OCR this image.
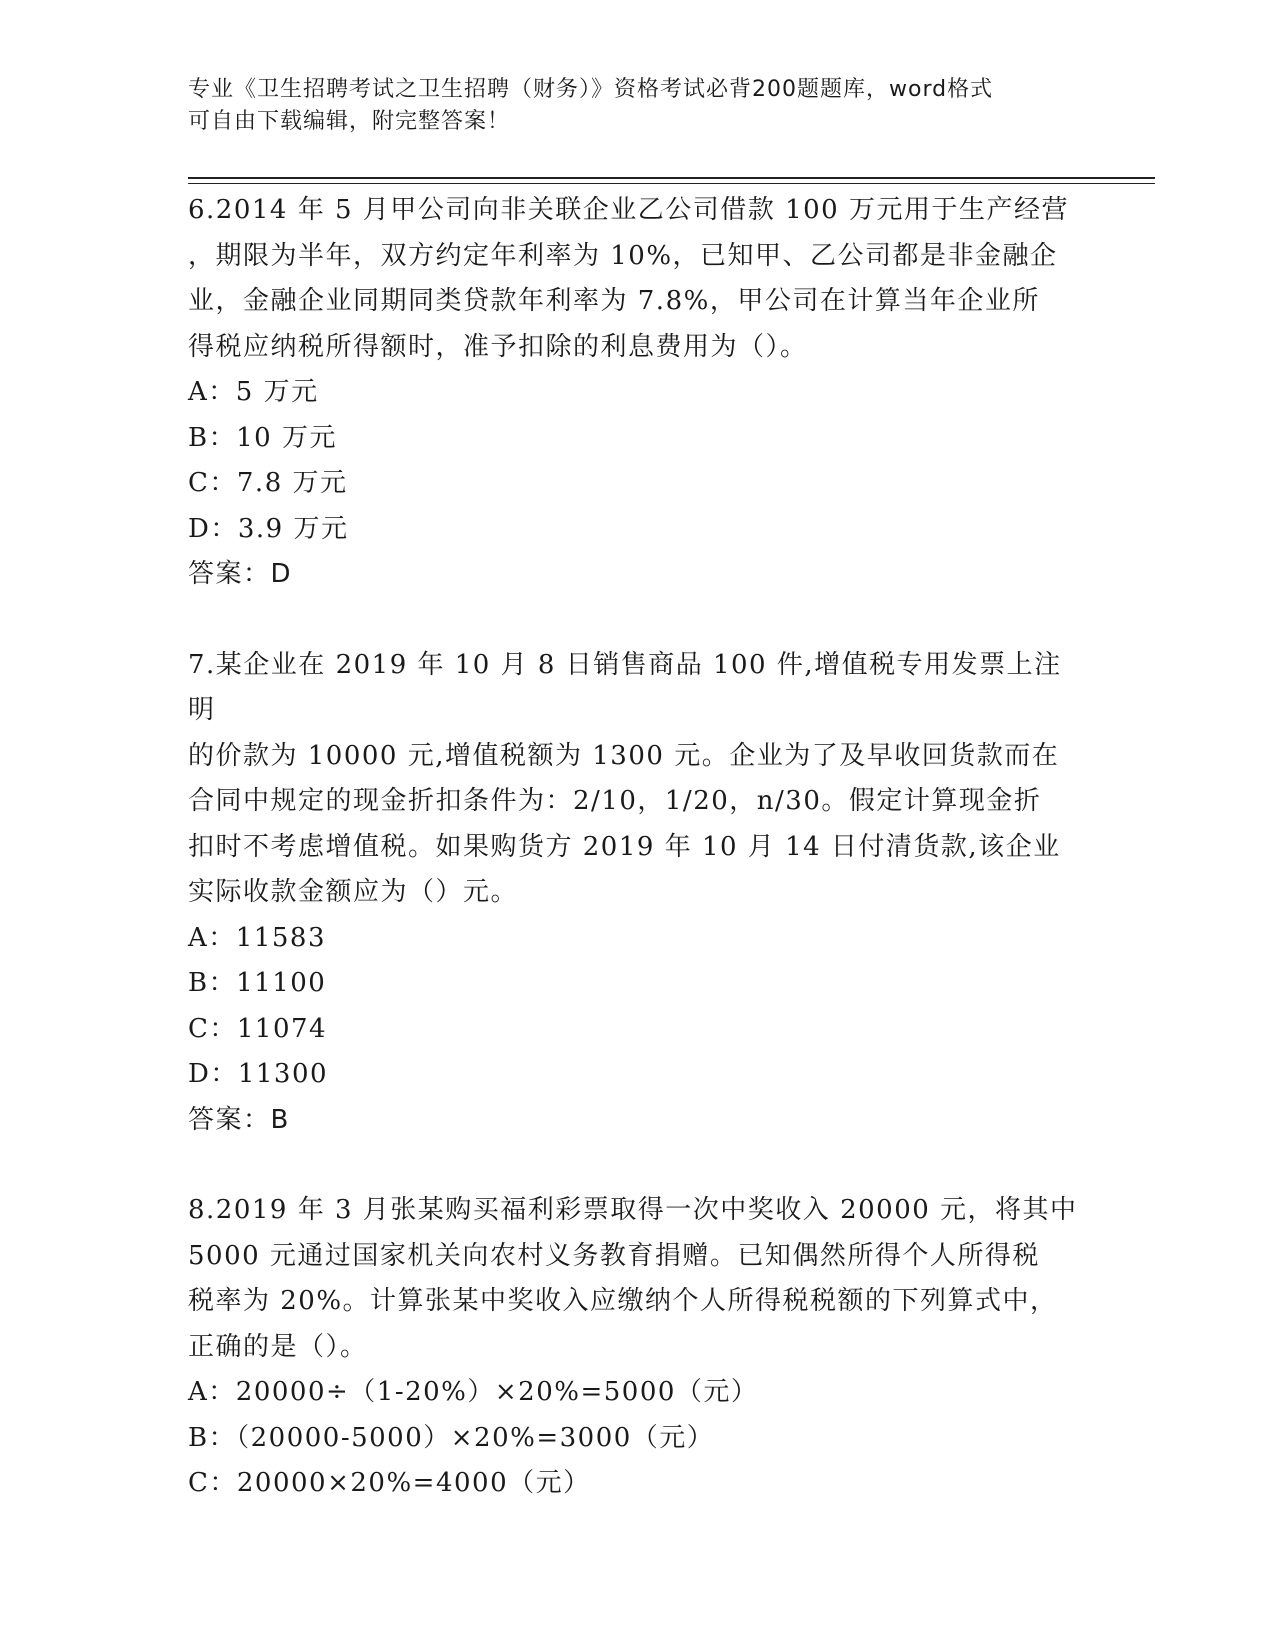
专业《卫生招聘考试之卫生招聘（财务）》资格考试必背200题题库，word格式
可自由下载编辑，附完整答案！
6.2014 年 5 月甲公司向非关联企业乙公司借款 100 万元用于生产经营
，期限为半年，双方约定年利率为 10%，已知甲、乙公司都是非金融企
业，金融企业同期同类贷款年利率为 7.8%，甲公司在计算当年企业所
得税应纳税所得额时，准予扣除的利息费用为（）。
A：5 万元
B：10 万元
C：7.8 万元
D：3.9 万元
答案：D
7.某企业在 2019 年 10 月 8 日销售商品 100 件,增值税专用发票上注明
的价款为 10000 元,增值税额为 1300 元。企业为了及早收回货款而在
合同中规定的现金折扣条件为：2/10，1/20，n/30。假定计算现金折
扣时不考虑增值税。如果购货方 2019 年 10 月 14 日付清货款,该企业
实际收款金额应为（）元。
A：11583
B：11100
C：11074
D：11300
答案：B
8.2019 年 3 月张某购买福利彩票取得一次中奖收入 20000 元，将其中
5000 元通过国家机关向农村义务教育捐赠。已知偶然所得个人所得税
税率为 20%。计算张某中奖收入应缴纳个人所得税税额的下列算式中，
正确的是（）。
A：20000÷（1-20%）×20%=5000（元）
B：（20000-5000）×20%=3000（元）
C：20000×20%=4000（元）
